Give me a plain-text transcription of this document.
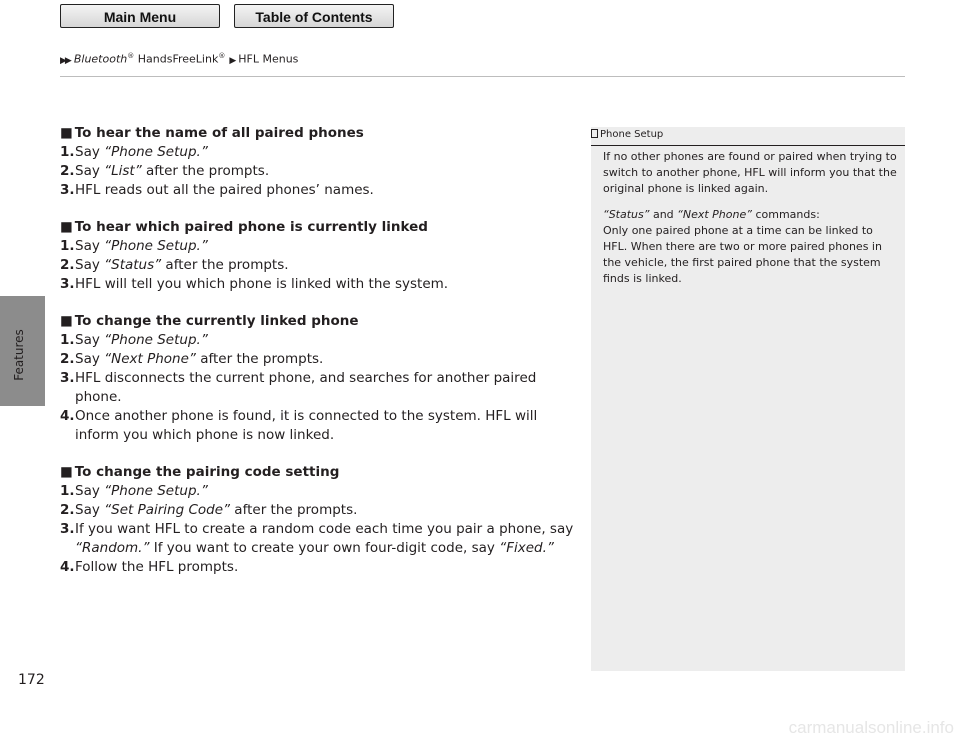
Main Menu	Table of Contents
▶▶ Bluetooth® HandsFreeLink® ▶ HFL Menus
Features
172
■ To hear the name of all paired phones
1. Say “Phone Setup.”
2. Say “List” after the prompts.
3. HFL reads out all the paired phones’ names.
■ To hear which paired phone is currently linked
1. Say “Phone Setup.”
2. Say “Status” after the prompts.
3. HFL will tell you which phone is linked with the system.
■ To change the currently linked phone
1. Say “Phone Setup.”
2. Say “Next Phone” after the prompts.
3. HFL disconnects the current phone, and searches for another paired phone.
4. Once another phone is found, it is connected to the system. HFL will inform you which phone is now linked.
■ To change the pairing code setting
1. Say “Phone Setup.”
2. Say “Set Pairing Code” after the prompts.
3. If you want HFL to create a random code each time you pair a phone, say “Random.” If you want to create your own four-digit code, say “Fixed.”
4. Follow the HFL prompts.
Phone Setup

If no other phones are found or paired when trying to switch to another phone, HFL will inform you that the original phone is linked again.

“Status” and “Next Phone” commands:

Only one paired phone at a time can be linked to HFL. When there are two or more paired phones in the vehicle, the first paired phone that the system finds is linked.

carmanualsonline.info
